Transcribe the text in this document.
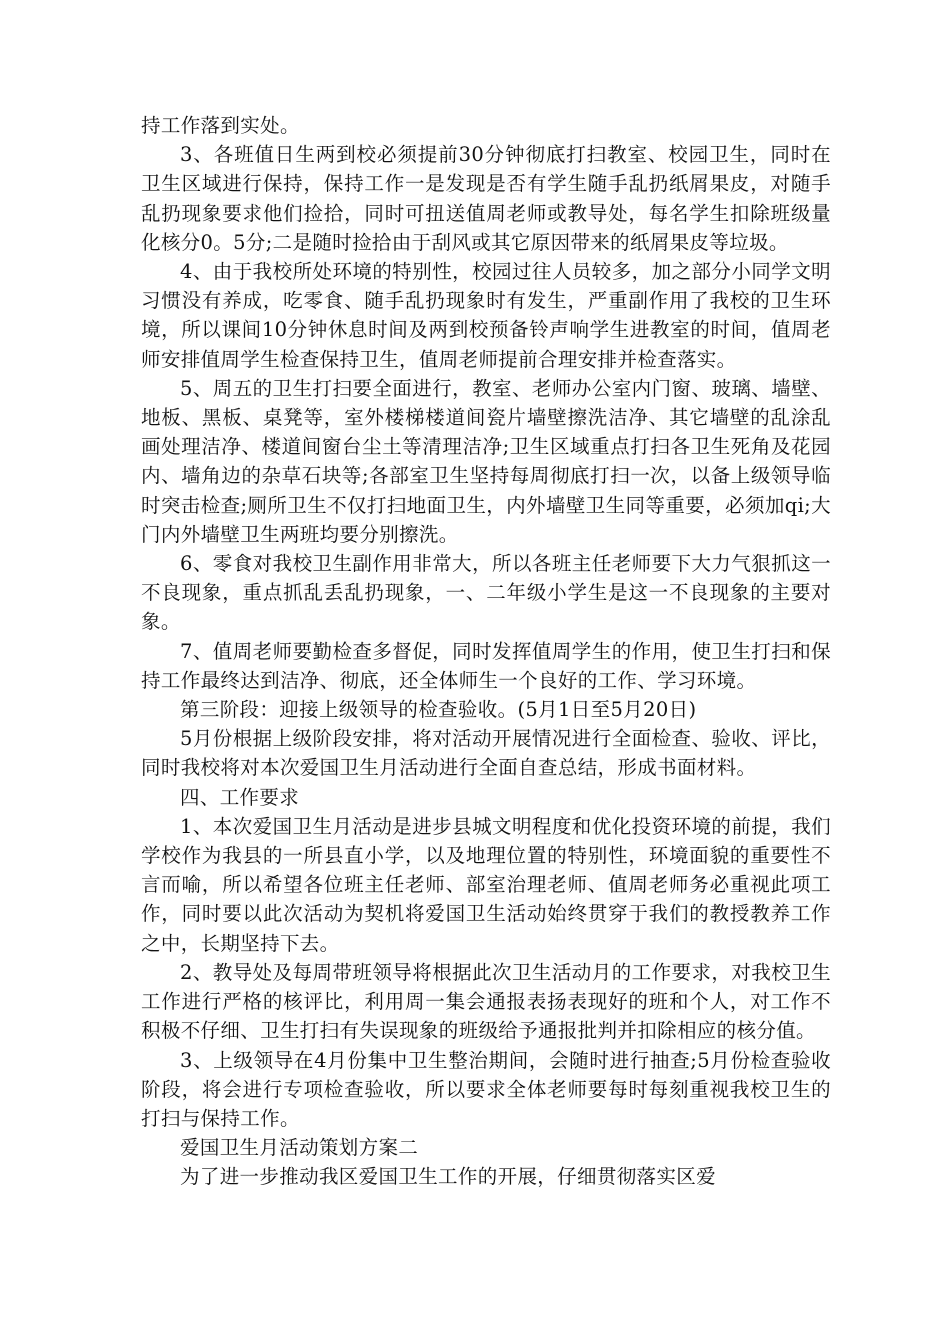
持工作落到实处。

3、各班值日生两到校必须提前30分钟彻底打扫教室、校园卫生，同时在卫生区域进行保持，保持工作一是发现是否有学生随手乱扔纸屑果皮，对随手乱扔现象要求他们捡拾，同时可扭送值周老师或教导处，每名学生扣除班级量化核分0。5分;二是随时捡拾由于刮风或其它原因带来的纸屑果皮等垃圾。

4、由于我校所处环境的特别性，校园过往人员较多，加之部分小同学文明习惯没有养成，吃零食、随手乱扔现象时有发生，严重副作用了我校的卫生环境，所以课间10分钟休息时间及两到校预备铃声响学生进教室的时间，值周老师安排值周学生检查保持卫生，值周老师提前合理安排并检查落实。

5、周五的卫生打扫要全面进行，教室、老师办公室内门窗、玻璃、墙壁、地板、黑板、桌凳等，室外楼梯楼道间瓷片墙壁擦洗洁净、其它墙壁的乱涂乱画处理洁净、楼道间窗台尘土等清理洁净;卫生区域重点打扫各卫生死角及花园内、墙角边的杂草石块等;各部室卫生坚持每周彻底打扫一次，以备上级领导临时突击检查;厕所卫生不仅打扫地面卫生，内外墙壁卫生同等重要，必须加qi;大门内外墙壁卫生两班均要分别擦洗。

6、零食对我校卫生副作用非常大，所以各班主任老师要下大力气狠抓这一不良现象，重点抓乱丢乱扔现象，一、二年级小学生是这一不良现象的主要对象。

7、值周老师要勤检查多督促，同时发挥值周学生的作用，使卫生打扫和保持工作最终达到洁净、彻底，还全体师生一个良好的工作、学习环境。

第三阶段：迎接上级领导的检查验收。(5月1日至5月20日)

5月份根据上级阶段安排，将对活动开展情况进行全面检查、验收、评比，同时我校将对本次爱国卫生月活动进行全面自查总结，形成书面材料。

四、工作要求

1、本次爱国卫生月活动是进步县城文明程度和优化投资环境的前提，我们学校作为我县的一所县直小学，以及地理位置的特别性，环境面貌的重要性不言而喻，所以希望各位班主任老师、部室治理老师、值周老师务必重视此项工作，同时要以此次活动为契机将爱国卫生活动始终贯穿于我们的教授教养工作之中，长期坚持下去。

2、教导处及每周带班领导将根据此次卫生活动月的工作要求，对我校卫生工作进行严格的核评比，利用周一集会通报表扬表现好的班和个人，对工作不积极不仔细、卫生打扫有失误现象的班级给予通报批判并扣除相应的核分值。

3、上级领导在4月份集中卫生整治期间，会随时进行抽查;5月份检查验收阶段，将会进行专项检查验收，所以要求全体老师要每时每刻重视我校卫生的打扫与保持工作。

爱国卫生月活动策划方案二

为了进一步推动我区爱国卫生工作的开展，仔细贯彻落实区爱
